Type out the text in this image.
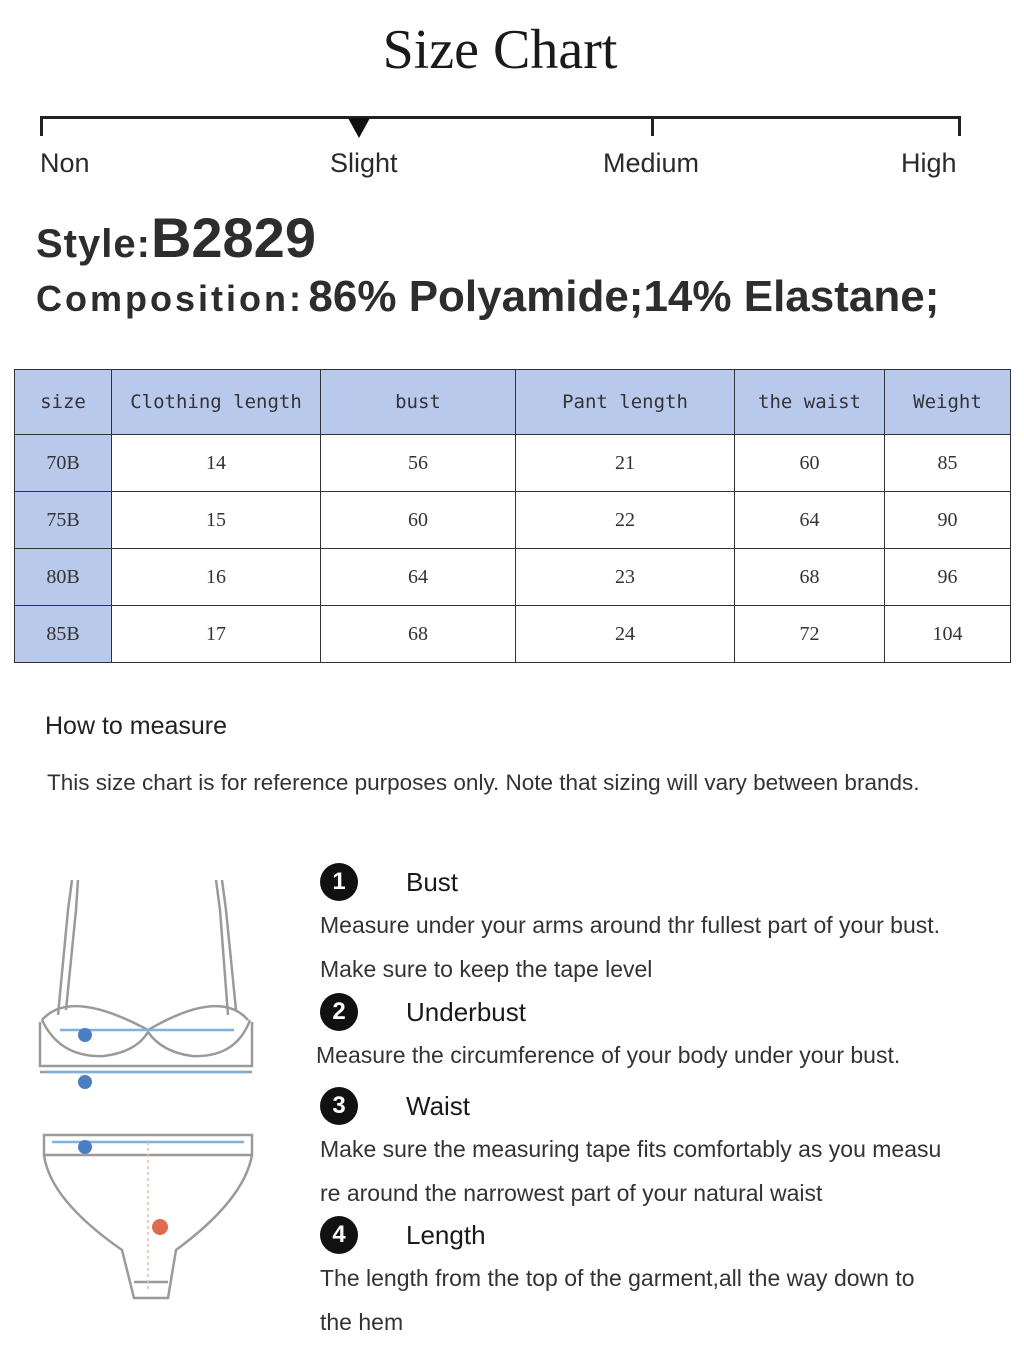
Size Chart
Non	Slight	Medium	High
Style:B2829
Composition: 86% Polyamide;14% Elastane;
size	Clothing length	bust	Pant length	the waist	Weight
70B	14	56	21	60	85
75B	15	60	22	64	90
80B	16	64	23	68	96
85B	17	68	24	72	104
How to measure
This size chart is for reference purposes only. Note that sizing will vary between brands.
1	Bust
Measure under your arms around thr fullest part of your bust.
Make sure to keep the tape level
2	Underbust
Measure the circumference of your body under your bust.
3	Waist
Make sure the measuring tape fits comfortably as you measu
re around the narrowest part of your natural waist
4	Length
The length from the top of the garment,all the way down to
the hem
